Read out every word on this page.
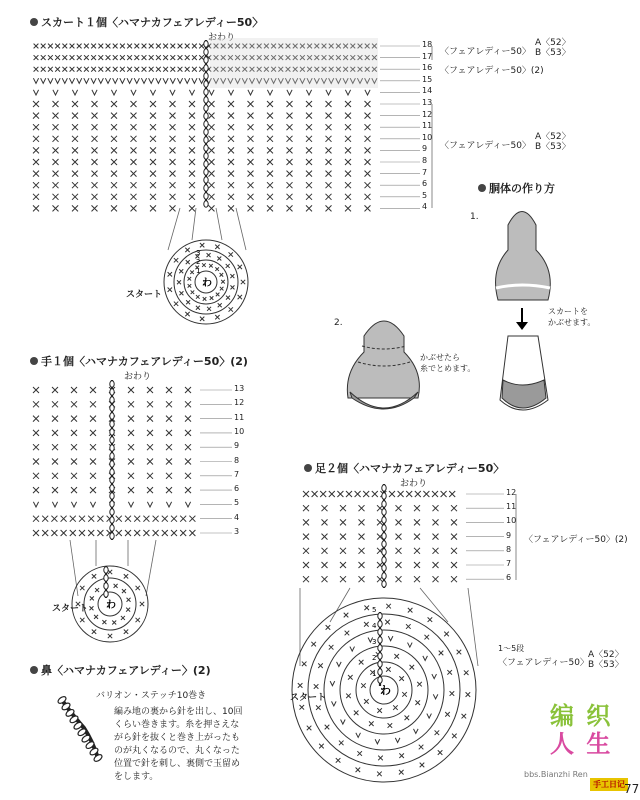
スカート１個〈ハマナカフェアレディー50〉
おわり
わ
3
2
1
わ
わ
5
4
3
2
1
18
17
16
15
14
13
12
11
10
9
8
7
6
5
4
〈フェアレディー50〉
A〈52〉
B〈53〉
〈フェアレディー50〉(2)
〈フェアレディー50〉
A〈52〉
B〈53〉
スタート
胴体の作り方
1.
2.
スカートを
かぶせます。
かぶせたら
糸でとめます。
手１個〈ハマナカフェアレディー50〉(2)
おわり
13
12
11
10
9
8
7
6
5
4
3
スタート
足２個〈ハマナカフェアレディー50〉
おわり
12
11
10
9
8
7
6
〈フェアレディー50〉(2)
1〜5段
〈フェアレディー50〉
A〈52〉
B〈53〉
スタート
鼻〈ハマナカフェアレディー〉(2)
バリオン・ステッチ10巻き

編み地の裏から針を出し、10回

くらい巻きます。糸を押さえな

がら針を抜くと巻き上がったも

のが丸くなるので、丸くなった

位置で針を刺し、裏側で玉留め

をします。

编 织
人 生
bbs.Bianzhi Ren
手工日记 77
